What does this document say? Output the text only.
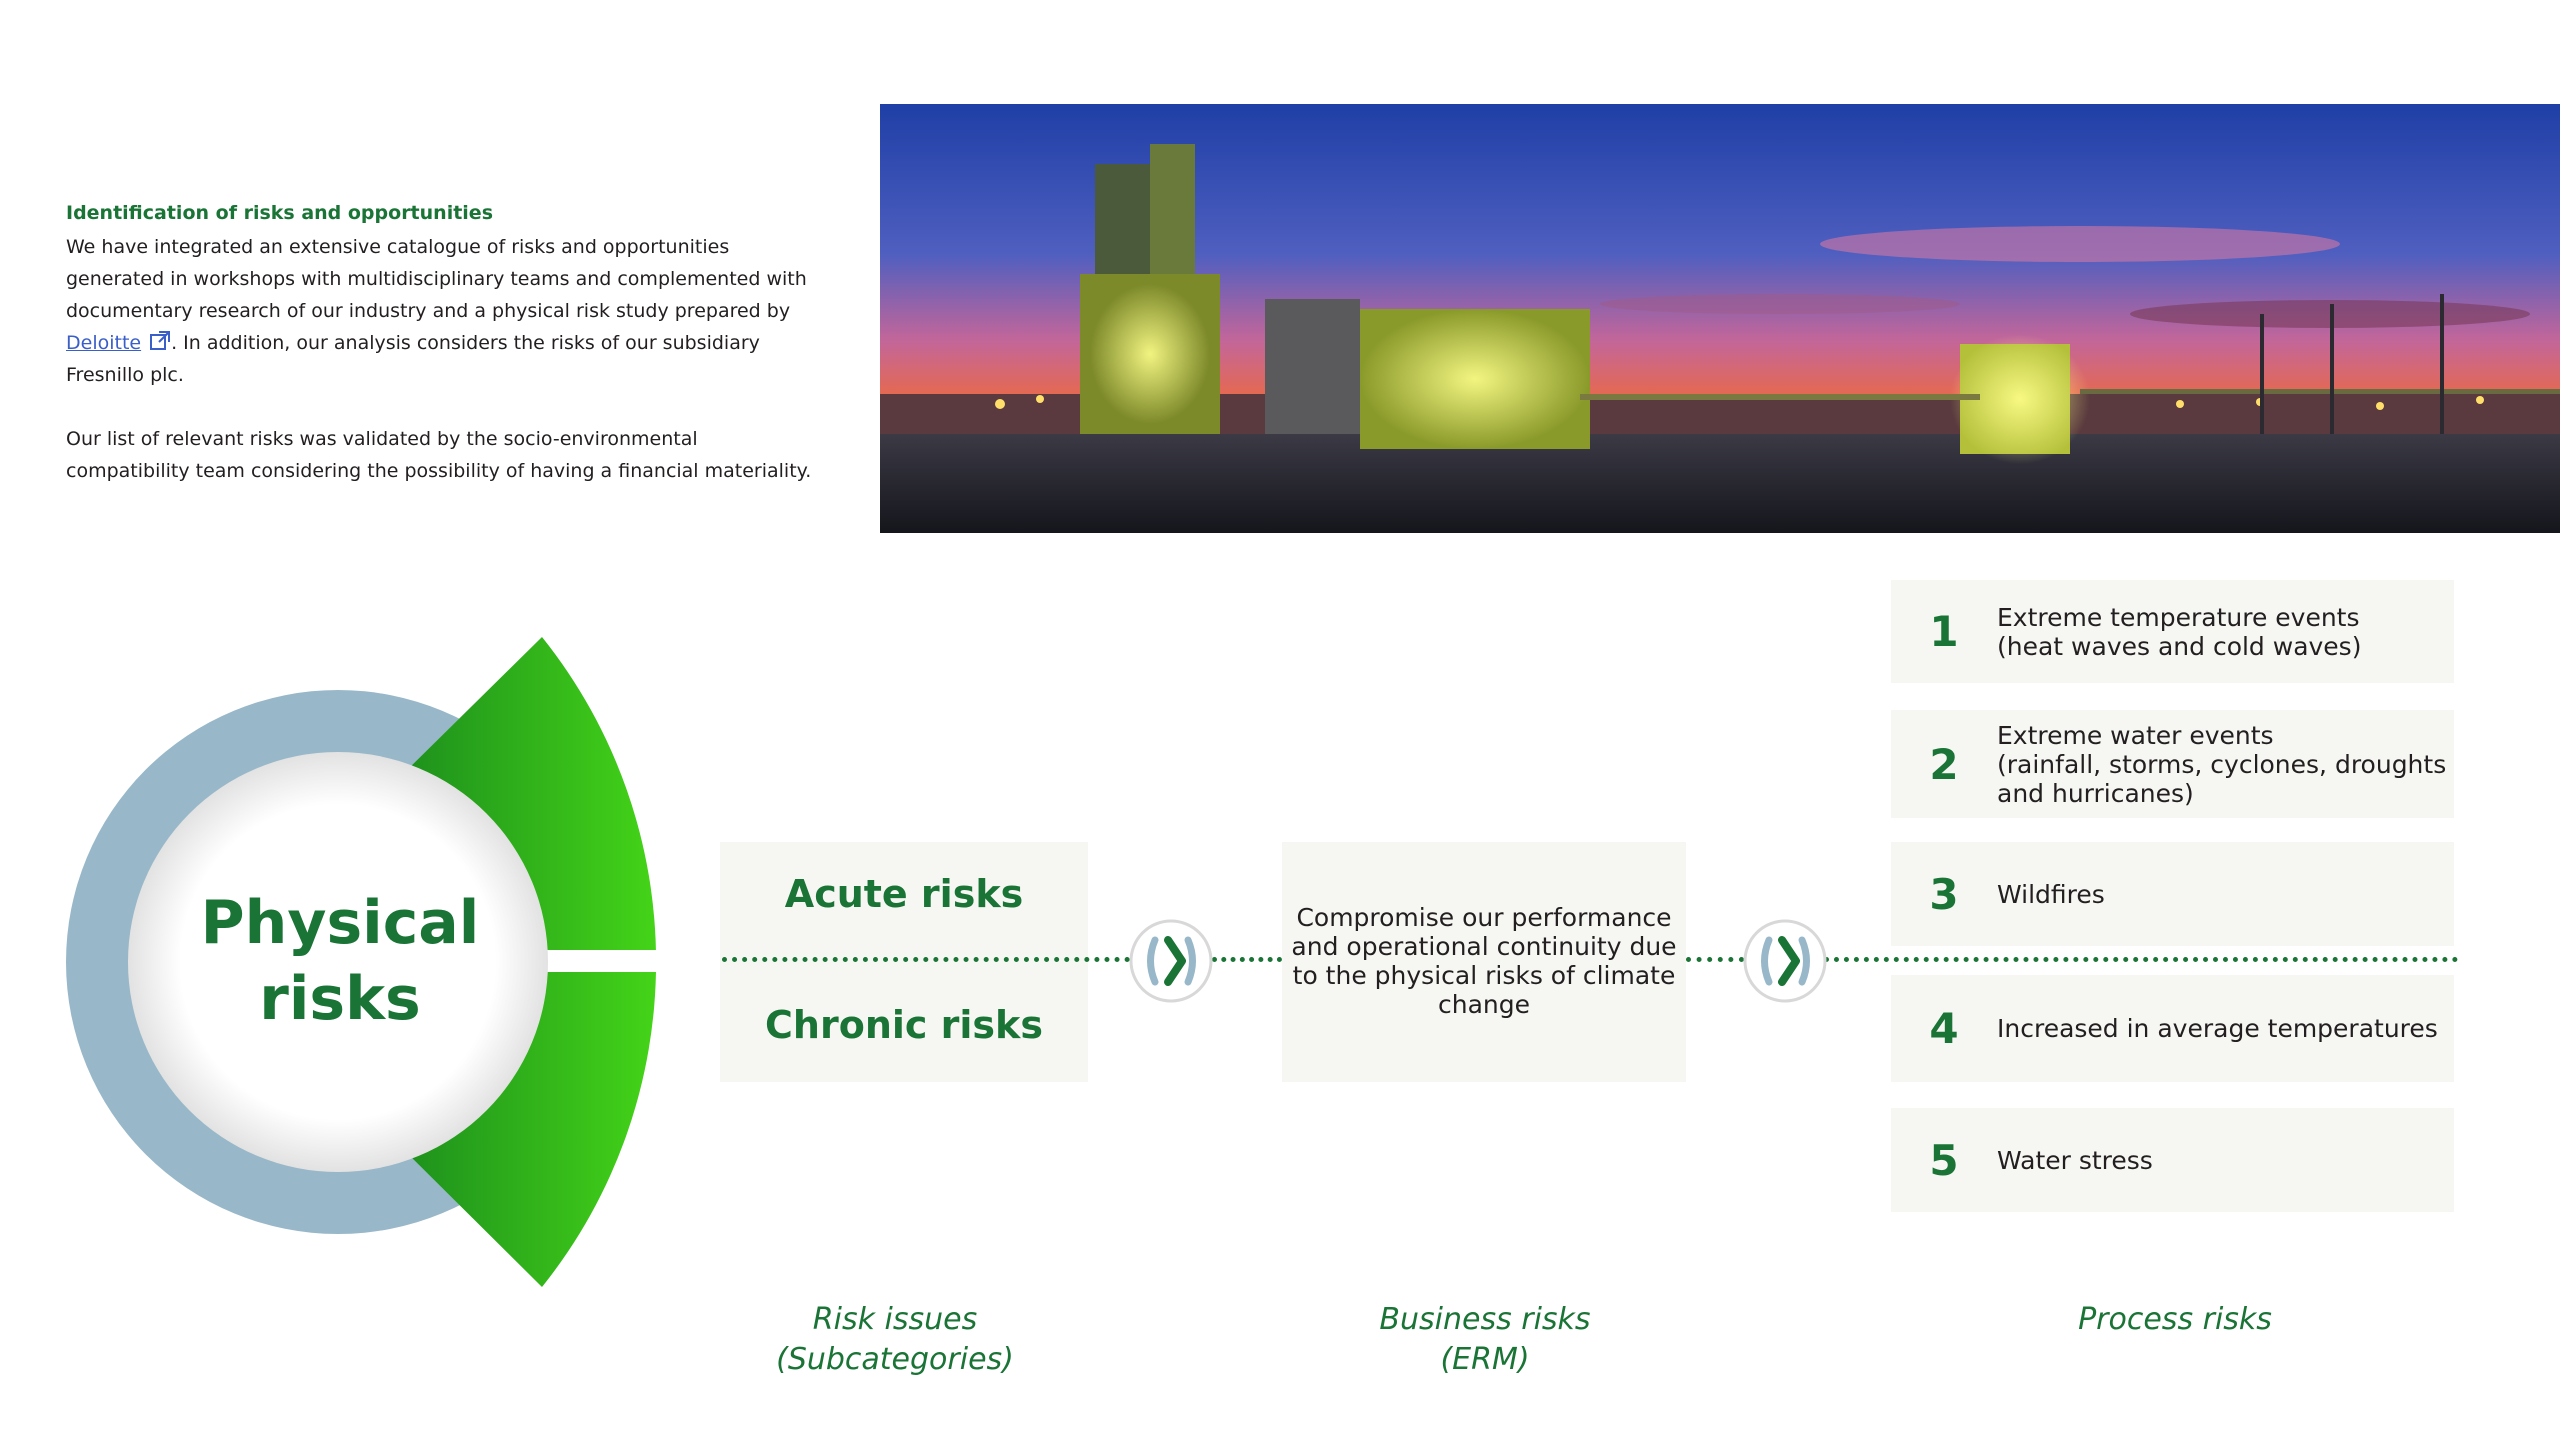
Identification of risks and opportunities

We have integrated an extensive catalogue of risks and opportunities generated in workshops with multidisciplinary teams and complemented with documentary research of our industry and a physical risk study prepared by Deloitte . In addition, our analysis considers the risks of our subsidiary Fresnillo plc.

Our list of relevant risks was validated by the socio-environmental compatibility team considering the possibility of having a financial materiality.

Physical
risks
Acute risks
Chronic risks
Compromise our performance and operational continuity due to the physical risks of climate change
1	Extreme temperature events
(heat waves and cold waves)
2
Extreme water events
(rainfall, storms, cyclones, droughts
and hurricanes)
3	Wildfires
4	Increased in average temperatures
5	Water stress
Risk issues
(Subcategories)
Business risks
(ERM)
Process risks
